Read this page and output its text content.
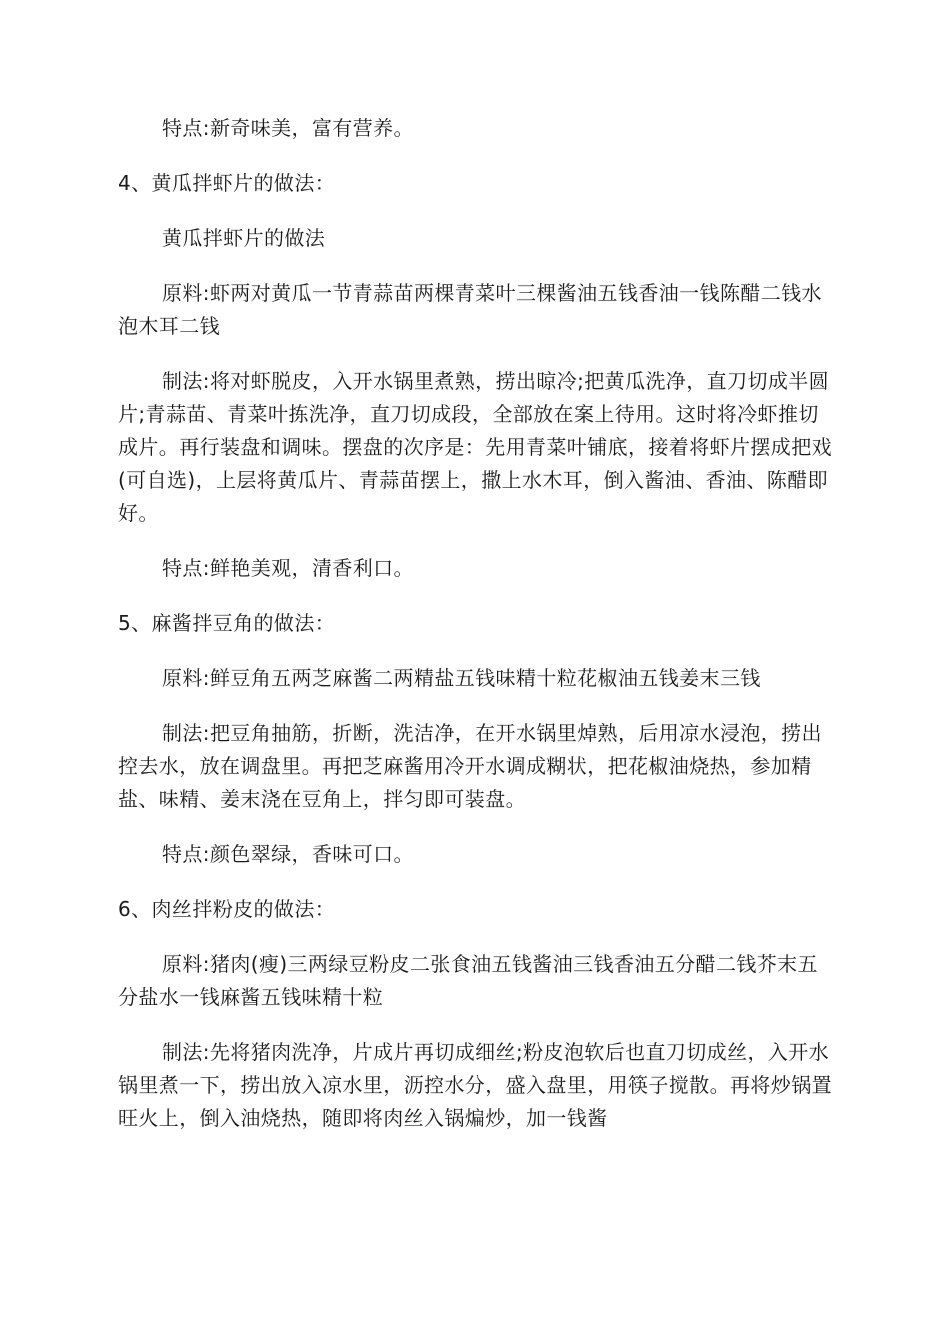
特点:新奇味美，富有营养。

4、黄瓜拌虾片的做法：

黄瓜拌虾片的做法

原料:虾两对黄瓜一节青蒜苗两棵青菜叶三棵酱油五钱香油一钱陈醋二钱水泡木耳二钱

制法:将对虾脱皮，入开水锅里煮熟，捞出晾冷;把黄瓜洗净，直刀切成半圆片;青蒜苗、青菜叶拣洗净，直刀切成段，全部放在案上待用。这时将冷虾推切成片。再行装盘和调味。摆盘的次序是：先用青菜叶铺底，接着将虾片摆成把戏(可自选)，上层将黄瓜片、青蒜苗摆上，撒上水木耳，倒入酱油、香油、陈醋即好。

特点:鲜艳美观，清香利口。

5、麻酱拌豆角的做法：

原料:鲜豆角五两芝麻酱二两精盐五钱味精十粒花椒油五钱姜末三钱

制法:把豆角抽筋，折断，洗洁净，在开水锅里焯熟，后用凉水浸泡，捞出控去水，放在调盘里。再把芝麻酱用冷开水调成糊状，把花椒油烧热，参加精盐、味精、姜末浇在豆角上，拌匀即可装盘。

特点:颜色翠绿，香味可口。

6、肉丝拌粉皮的做法：

原料:猪肉(瘦)三两绿豆粉皮二张食油五钱酱油三钱香油五分醋二钱芥末五分盐水一钱麻酱五钱味精十粒

制法:先将猪肉洗净，片成片再切成细丝;粉皮泡软后也直刀切成丝，入开水锅里煮一下，捞出放入凉水里，沥控水分，盛入盘里，用筷子搅散。再将炒锅置旺火上，倒入油烧热，随即将肉丝入锅煸炒，加一钱酱
